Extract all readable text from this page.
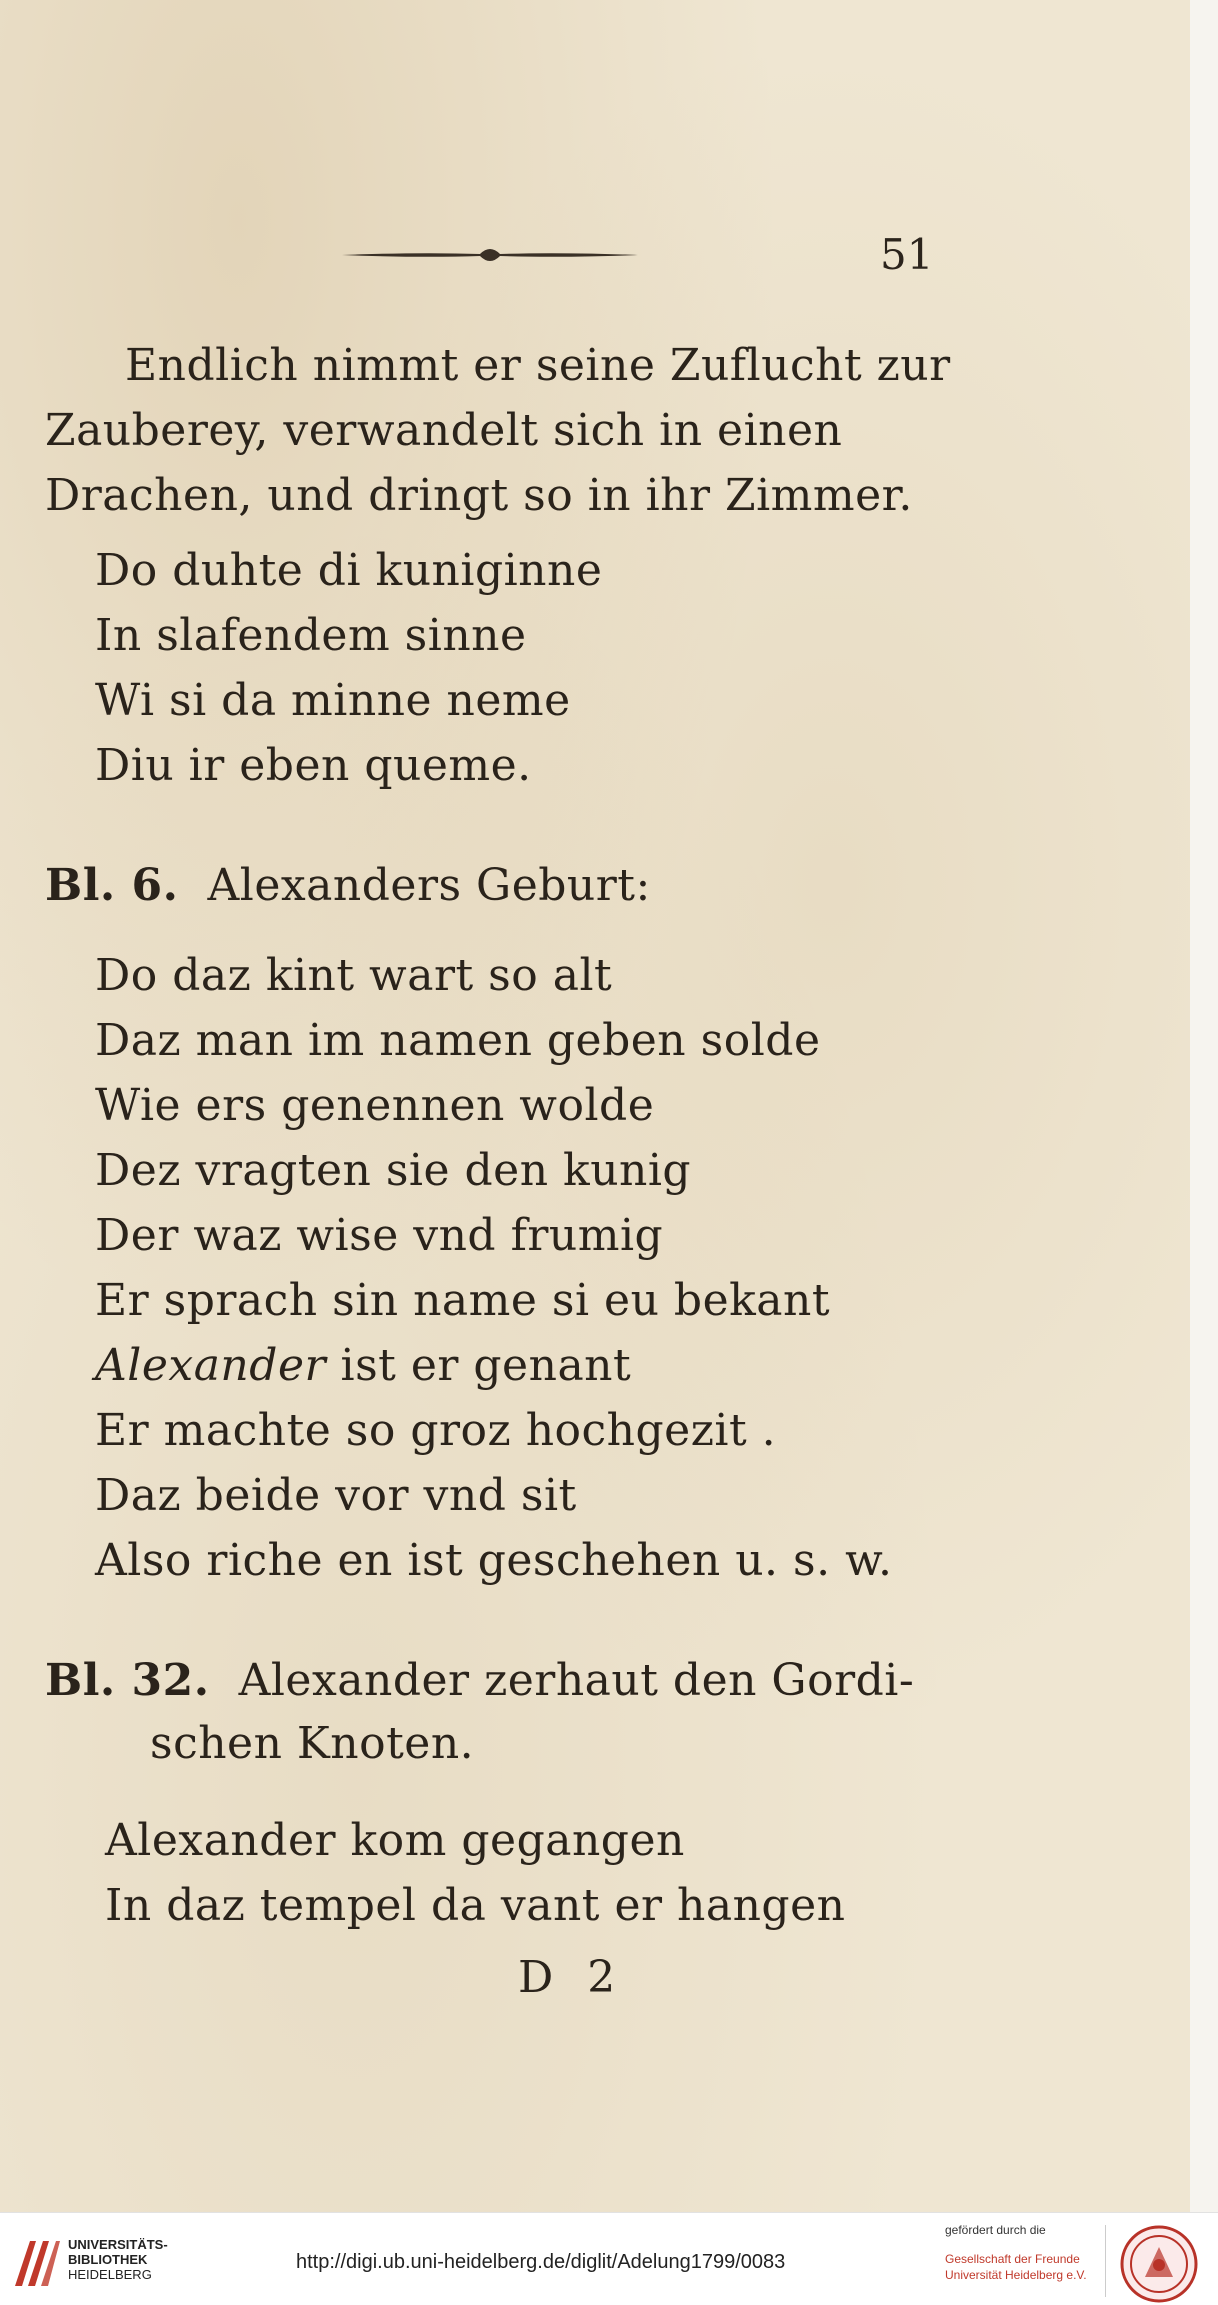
51
Endlich nimmt er seine Zuflucht zur
Zauberey, verwandelt sich in einen
Drachen, und dringt so in ihr Zimmer.
Do duhte di kuniginne
In slafendem sinne
Wi si da minne neme
Diu ir eben queme.
Bl. 6. Alexanders Geburt:
Do daz kint wart so alt
Daz man im namen geben solde
Wie ers genennen wolde
Dez vragten sie den kunig
Der waz wise vnd frumig
Er sprach sin name si eu bekant
Alexander ist er genant
Er machte so groz hochgezit .
Daz beide vor vnd sit
Also riche en ist geschehen u. s. w.
Bl. 32. Alexander zerhaut den Gordi-
schen Knoten.
Alexander kom gegangen
In daz tempel da vant er hangen
D 2
UNIVERSITÄTS-
BIBLIOTHEK
HEIDELBERG
http://digi.ub.uni-heidelberg.de/diglit/Adelung1799/0083
gefördert durch die
Gesellschaft der Freunde
Universität Heidelberg e.V.
